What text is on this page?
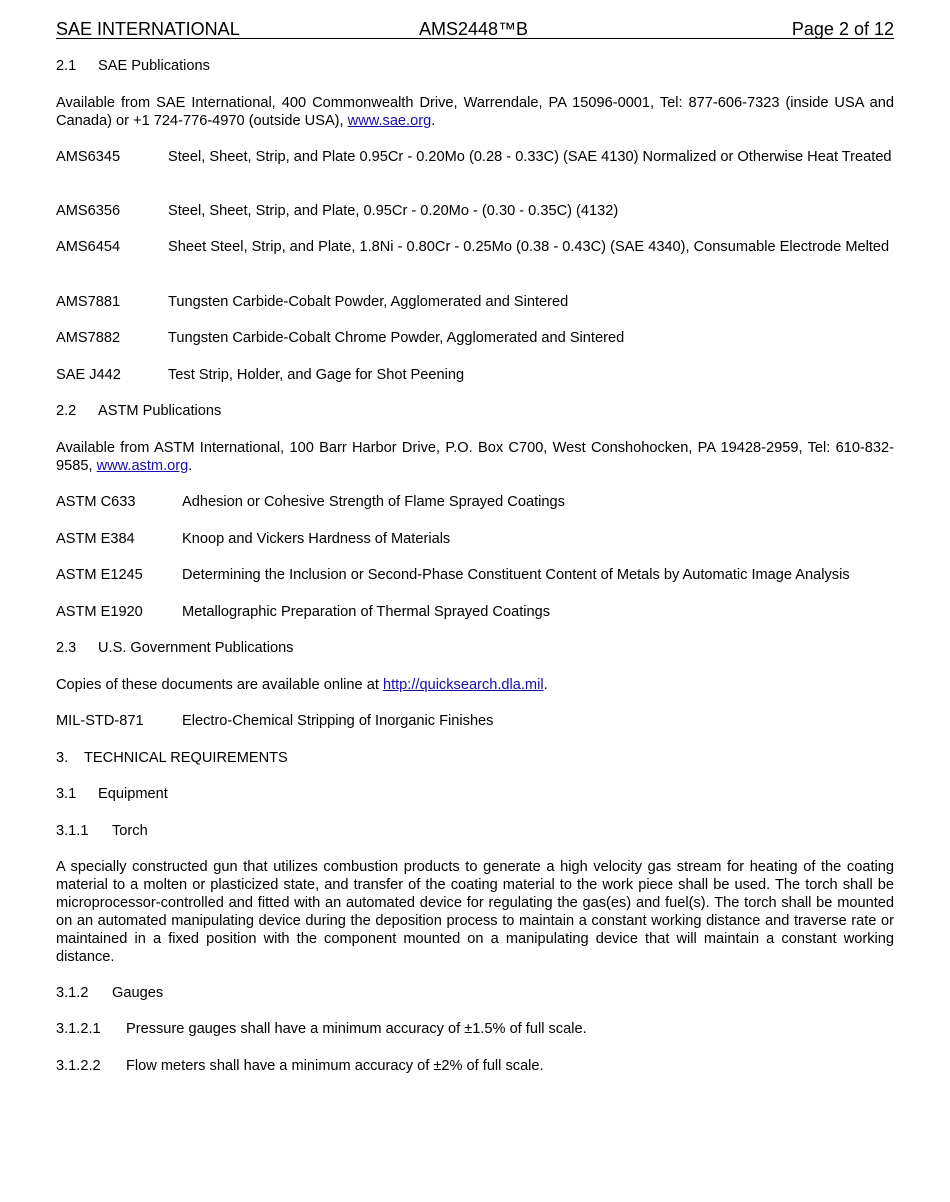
SAE INTERNATIONAL	AMS2448™B	Page 2 of 12
2.1 SAE Publications
Available from SAE International, 400 Commonwealth Drive, Warrendale, PA 15096-0001, Tel: 877-606-7323 (inside USA and Canada) or +1 724-776-4970 (outside USA), www.sae.org.
AMS6345	Steel, Sheet, Strip, and Plate 0.95Cr - 0.20Mo (0.28 - 0.33C) (SAE 4130) Normalized or Otherwise Heat Treated
AMS6356	Steel, Sheet, Strip, and Plate, 0.95Cr - 0.20Mo - (0.30 - 0.35C) (4132)
AMS6454	Sheet Steel, Strip, and Plate, 1.8Ni - 0.80Cr - 0.25Mo (0.38 - 0.43C) (SAE 4340), Consumable Electrode Melted
AMS7881	Tungsten Carbide-Cobalt Powder, Agglomerated and Sintered
AMS7882	Tungsten Carbide-Cobalt Chrome Powder, Agglomerated and Sintered
SAE J442	Test Strip, Holder, and Gage for Shot Peening
2.2 ASTM Publications
Available from ASTM International, 100 Barr Harbor Drive, P.O. Box C700, West Conshohocken, PA 19428-2959, Tel: 610-832-9585, www.astm.org.
ASTM C633	Adhesion or Cohesive Strength of Flame Sprayed Coatings
ASTM E384	Knoop and Vickers Hardness of Materials
ASTM E1245	Determining the Inclusion or Second-Phase Constituent Content of Metals by Automatic Image Analysis
ASTM E1920	Metallographic Preparation of Thermal Sprayed Coatings
2.3 U.S. Government Publications
Copies of these documents are available online at http://quicksearch.dla.mil.
MIL-STD-871	Electro-Chemical Stripping of Inorganic Finishes
3. TECHNICAL REQUIREMENTS
3.1 Equipment
3.1.1 Torch
A specially constructed gun that utilizes combustion products to generate a high velocity gas stream for heating of the coating material to a molten or plasticized state, and transfer of the coating material to the work piece shall be used. The torch shall be microprocessor-controlled and fitted with an automated device for regulating the gas(es) and fuel(s). The torch shall be mounted on an automated manipulating device during the deposition process to maintain a constant working distance and traverse rate or maintained in a fixed position with the component mounted on a manipulating device that will maintain a constant working distance.
3.1.2 Gauges
3.1.2.1 Pressure gauges shall have a minimum accuracy of ±1.5% of full scale.
3.1.2.2 Flow meters shall have a minimum accuracy of ±2% of full scale.
